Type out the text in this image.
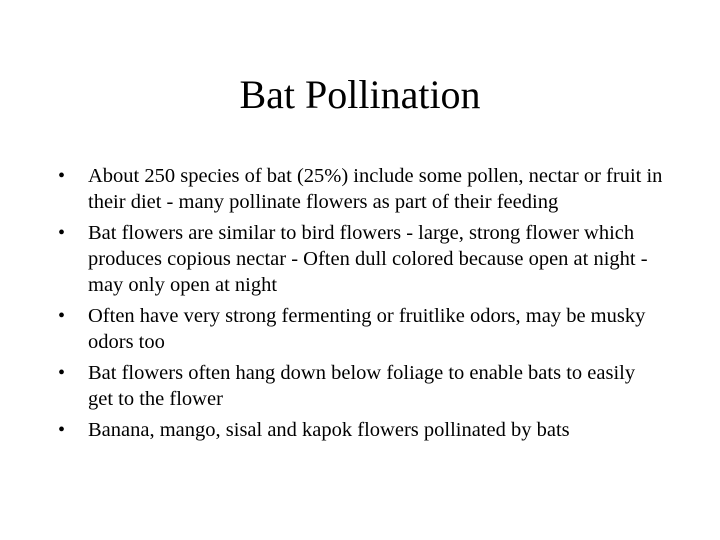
Bat Pollination
• About 250 species of bat (25%) include some pollen, nectar or fruit in their diet - many pollinate flowers as part of their feeding
• Bat flowers are similar to bird flowers - large, strong flower which produces copious nectar - Often dull colored because open at night - may only open at night
• Often have very strong fermenting or fruitlike odors, may be musky odors too
• Bat flowers often hang down below foliage to enable bats to easily get to the flower
• Banana, mango, sisal and kapok flowers pollinated by bats
